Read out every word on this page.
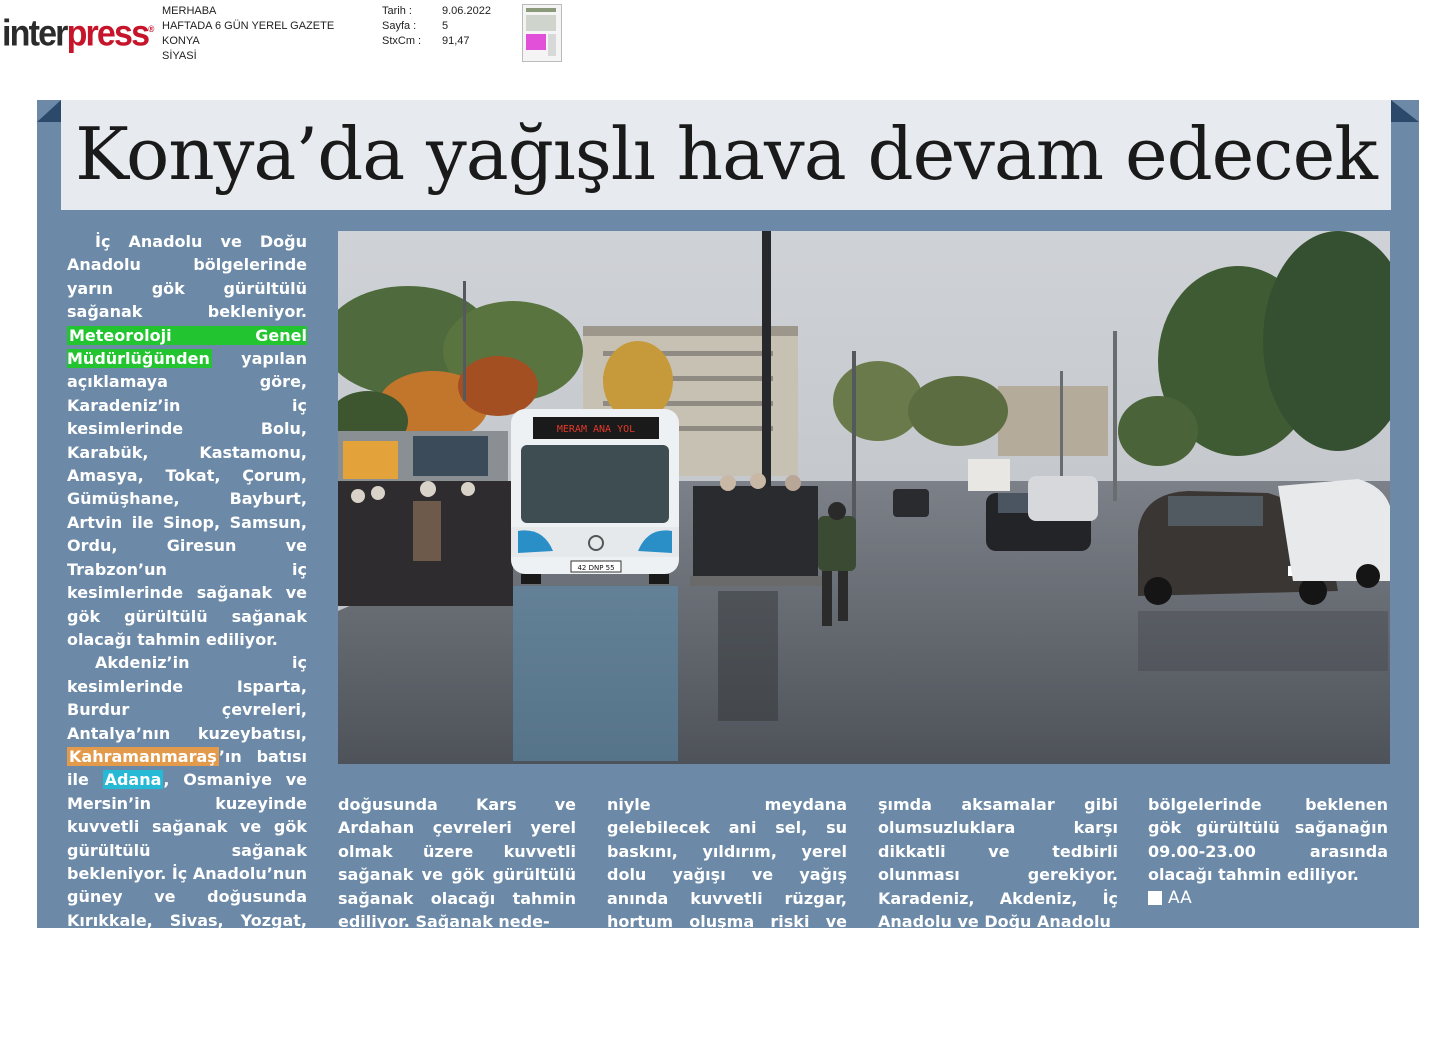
interpress®
MERHABA
HAFTADA 6 GÜN YEREL GAZETE
KONYA
SİYASİ
Tarih :	9.06.2022
Sayfa :	5
StxCm :	91,47
Konya’da yağışlı hava devam edecek

İç Anadolu ve Doğu Anadolu bölgelerinde yarın gök gürültülü sağanak bekleniyor. Meteoroloji Genel Müdürlüğünden yapılan açıklamaya göre, Karadeniz’in iç kesimlerinde Bolu, Karabük, Kastamonu, Amasya, Tokat, Çorum, Gümüşhane, Bayburt, Artvin ile Sinop, Samsun, Ordu, Giresun ve Trabzon’un iç kesimlerinde sağanak ve gök gürültülü sağanak olacağı tahmin ediliyor.

Akdeniz’in iç kesimlerinde Isparta, Burdur çevreleri, Antalya’nın kuzeybatısı, Kahramanmaraş ’ın batısı ile Adana , Osmaniye ve Mersin’in kuzeyinde kuvvetli sağanak ve gök gürültülü sağanak bekleniyor. İç Anadolu’nun güney ve doğusunda Kırıkkale, Sivas, Yozgat, Kayseri, Kırşehir, Nevşehir, Niğde, Aksaray, Konya ve Karaman ile Ankara, Çankırı, Doğu Anadolu’nun kuzey-

MERAM ANA YOL
42 DNP 55
doğusunda Kars ve Ardahan çevreleri yerel olmak üzere kuvvetli sağanak ve gök gürültülü sağanak olacağı tahmin ediliyor. Sağanak nede-
niyle meydana gelebilecek ani sel, su baskını, yıldırım, yerel dolu yağışı ve yağış anında kuvvetli rüzgar, hortum oluşma riski ve ula-
şımda aksamalar gibi olumsuzluklara karşı dikkatli ve tedbirli olunması gerekiyor. Karadeniz, Akdeniz, İç Anadolu ve Doğu Anadolu

bölgelerinde beklenen gök gürültülü sağanağın 09.00-23.00 arasında olacağı tahmin ediliyor.

AA
